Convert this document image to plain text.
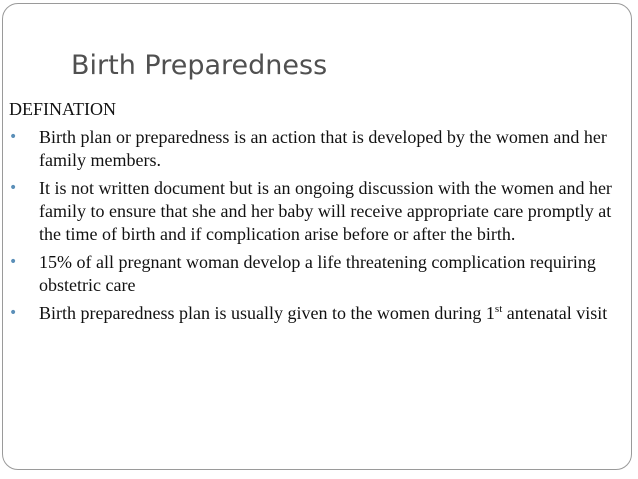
Birth Preparedness
DEFINATION
•	Birth plan or preparedness is an action that is developed by the women and her family members.
•	It is not written document but is an ongoing discussion with the women and her family to ensure that she and her baby will receive appropriate care promptly at the time of birth and if complication arise before or after the birth.
•	15% of all pregnant woman develop a life threatening complication requiring obstetric care
•	Birth preparedness plan is usually given to the women during 1st antenatal visit
